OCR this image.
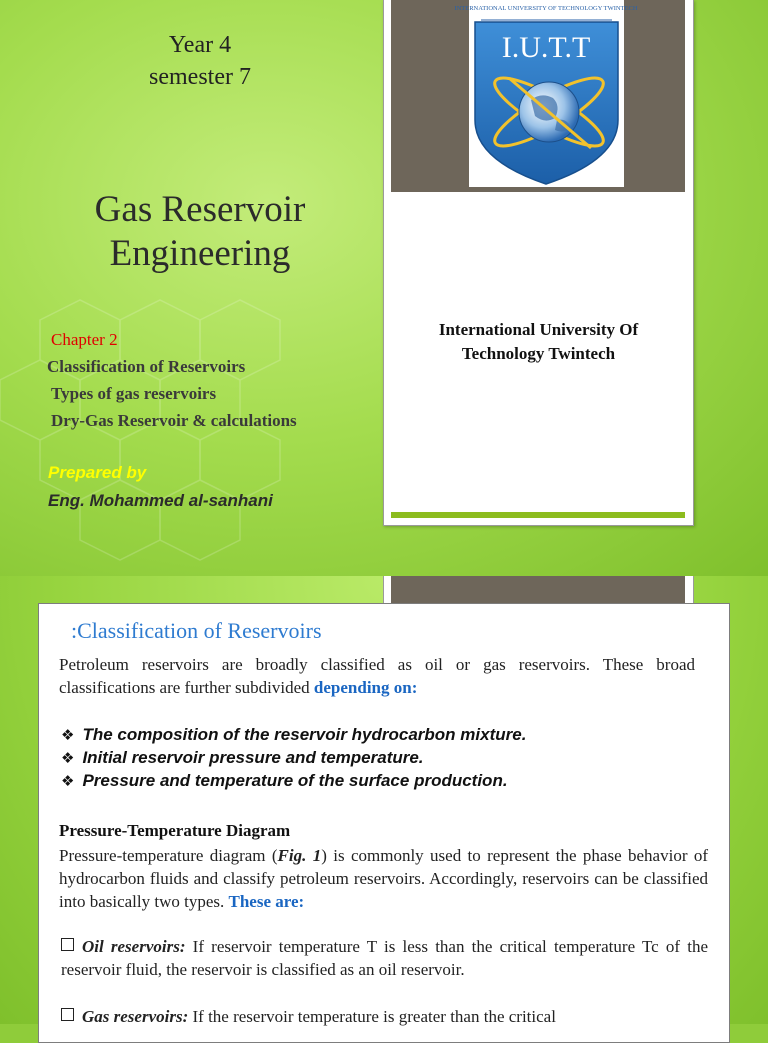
Year 4
semester 7
Gas Reservoir
Engineering
Chapter 2
Classification of Reservoirs
Types of gas reservoirs
Dry-Gas Reservoir & calculations
Prepared by
Eng. Mohammed al-sanhani
INTERNATIONAL UNIVERSITY OF TECHNOLOGY TWINTECH
I.U.T.T
International University Of
Technology Twintech
:Classification of Reservoirs
Petroleum reservoirs are broadly classified as oil or gas reservoirs. These broad classifications are further subdivided depending on:
❖ The composition of the reservoir hydrocarbon mixture.
❖ Initial reservoir pressure and temperature.
❖ Pressure and temperature of the surface production.
Pressure-Temperature Diagram
Pressure-temperature diagram (Fig. 1) is commonly used to represent the phase behavior of hydrocarbon fluids and classify petroleum reservoirs. Accordingly, reservoirs can be classified into basically two types. These are:
Oil reservoirs: If reservoir temperature T is less than the critical temperature Tc of the reservoir fluid, the reservoir is classified as an oil reservoir.
Gas reservoirs: If the reservoir temperature is greater than the critical
